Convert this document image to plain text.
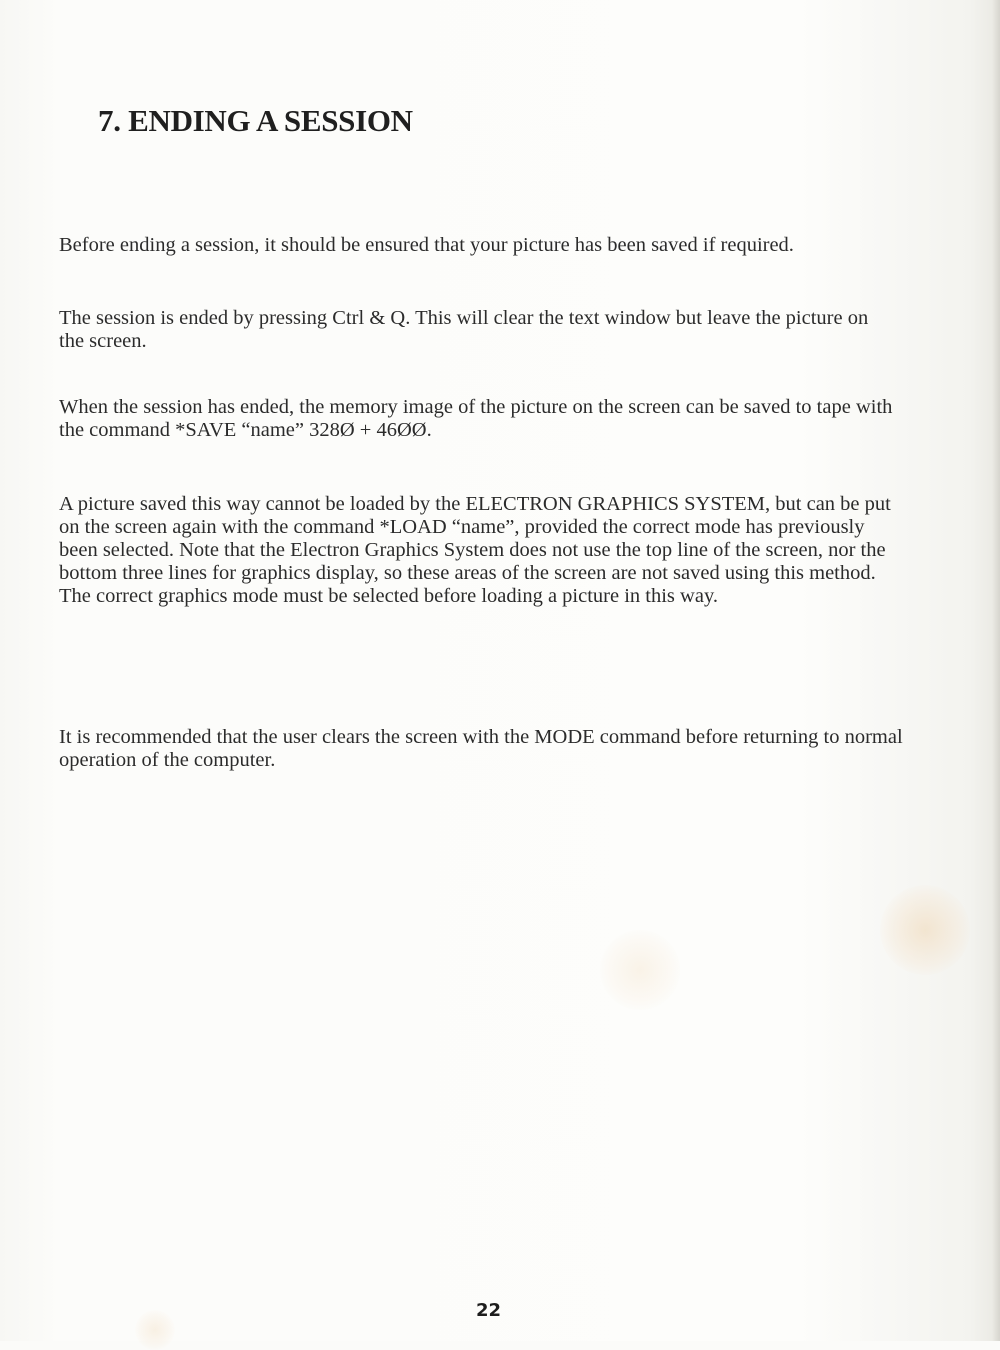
7. ENDING A SESSION

Before ending a session, it should be ensured that your picture has been saved if required.

The session is ended by pressing Ctrl & Q. This will clear the text window but leave the picture on the screen.

When the session has ended, the memory image of the picture on the screen can be saved to tape with the command *SAVE “name” 328Ø + 46ØØ.

A picture saved this way cannot be loaded by the ELECTRON GRAPHICS SYSTEM, but can be put on the screen again with the command *LOAD “name”, provided the correct mode has previously been selected. Note that the Electron Graphics System does not use the top line of the screen, nor the bottom three lines for graphics display, so these areas of the screen are not saved using this method. The correct graphics mode must be selected before loading a picture in this way.

It is recommended that the user clears the screen with the MODE command before returning to normal operation of the computer.

22
